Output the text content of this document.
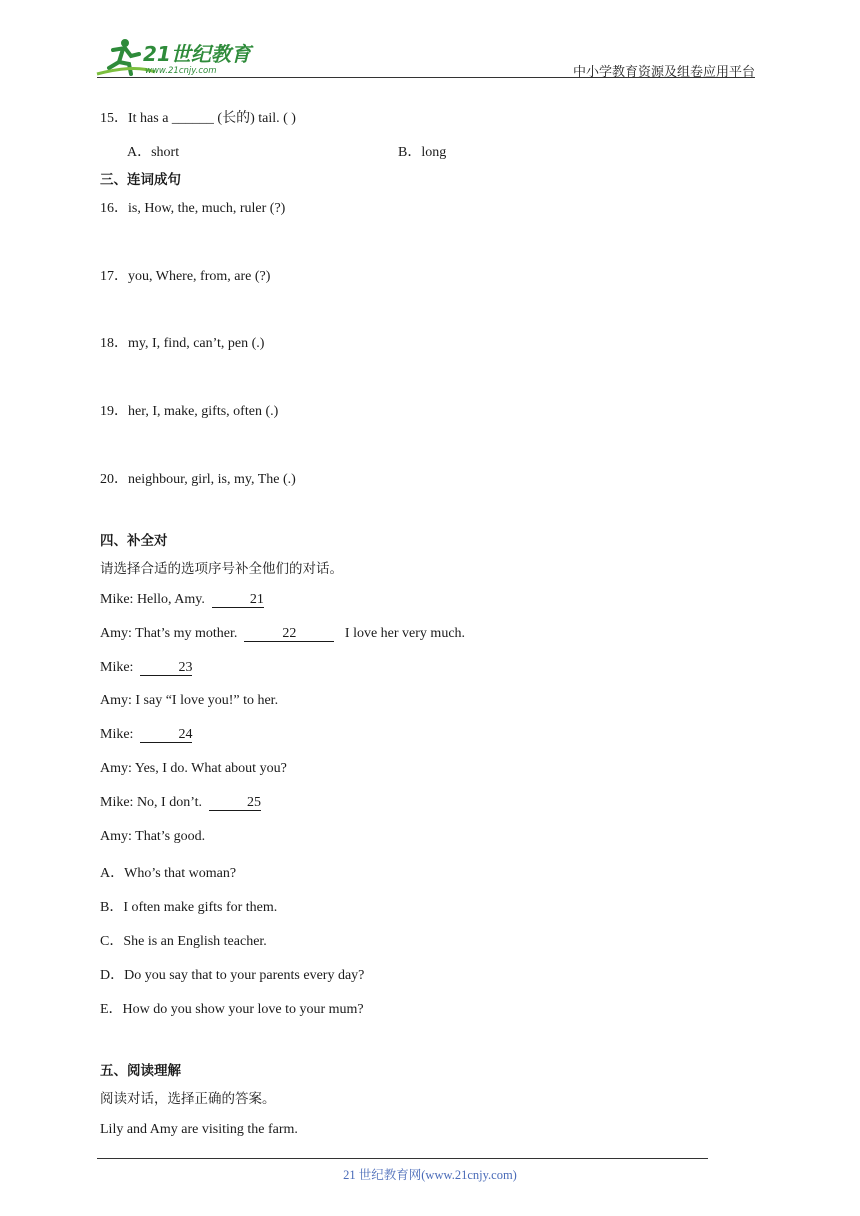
21世纪教育
www.21cnjy.com	中小学教育资源及组卷应用平台
15．It has a ______ (长的) tail. ( )
A．short	B．long
三、连词成句
16．is, How, the, much, ruler (?)
17．you, Where, from, are (?)
18．my, I, find, can’t, pen (.)
19．her, I, make, gifts, often (.)
20．neighbour, girl, is, my, The (.)
四、补全对
请选择合适的选项序号补全他们的对话。
Mike: Hello, Amy.	21
Amy: That’s my mother.	22	I love her very much.
Mike:	23
Amy: I say “I love you!” to her.
Mike:	24
Amy: Yes, I do. What about you?
Mike: No, I don’t.	25
Amy: That’s good.
A．Who’s that woman?
B．I often make gifts for them.
C．She is an English teacher.
D．Do you say that to your parents every day?
E．How do you show your love to your mum?
五、阅读理解
阅读对话，选择正确的答案。
Lily and Amy are visiting the farm.
21 世纪教育网(www.21cnjy.com)
